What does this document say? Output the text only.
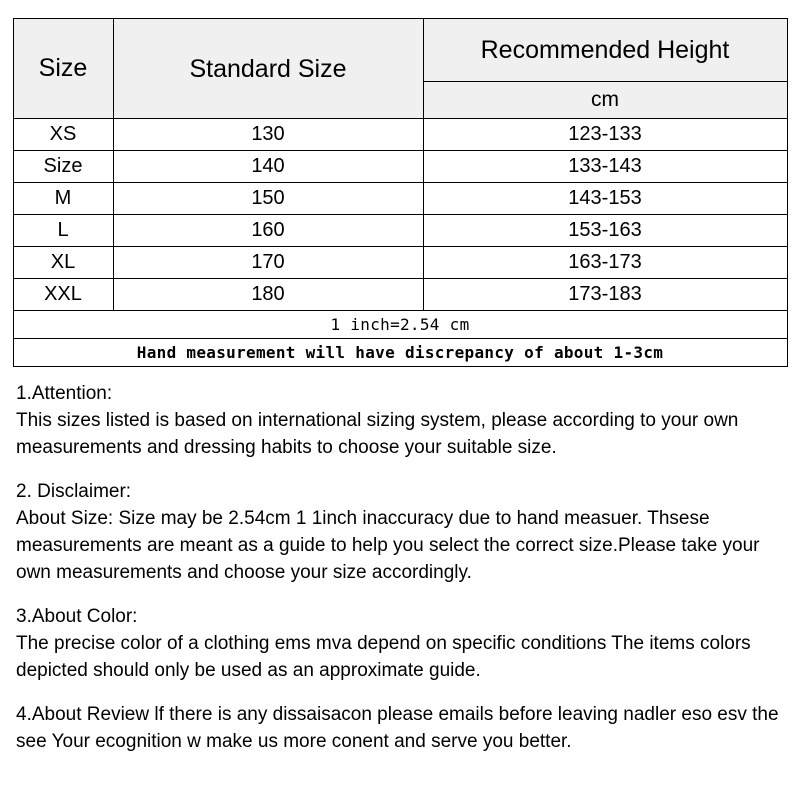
Size	Standard Size	Recommended Height
		cm
XS	130	123-133
Size	140	133-143
M	150	143-153
L	160	153-163
XL	170	163-173
XXL	180	173-183
1 inch=2.54 cm		
Hand measurement will have discrepancy of about 1-3cm		

1.Attention:

This sizes listed is based on international sizing system, please according to your own measurements and dressing habits to choose your suitable size.

2. Disclaimer:

About Size: Size may be 2.54cm 1 1inch inaccuracy due to hand measuer. Thsese measurements are meant as a guide to help you select the correct size.Please take your own measurements and choose your size accordingly.

3.About Color:

The precise color of a clothing ems mva depend on specific conditions The items colors depicted should only be used as an approximate guide.

4.About Review lf there is any dissaisacon please emails before leaving nadler eso esv the see Your ecognition w make us more conent and serve you better.
